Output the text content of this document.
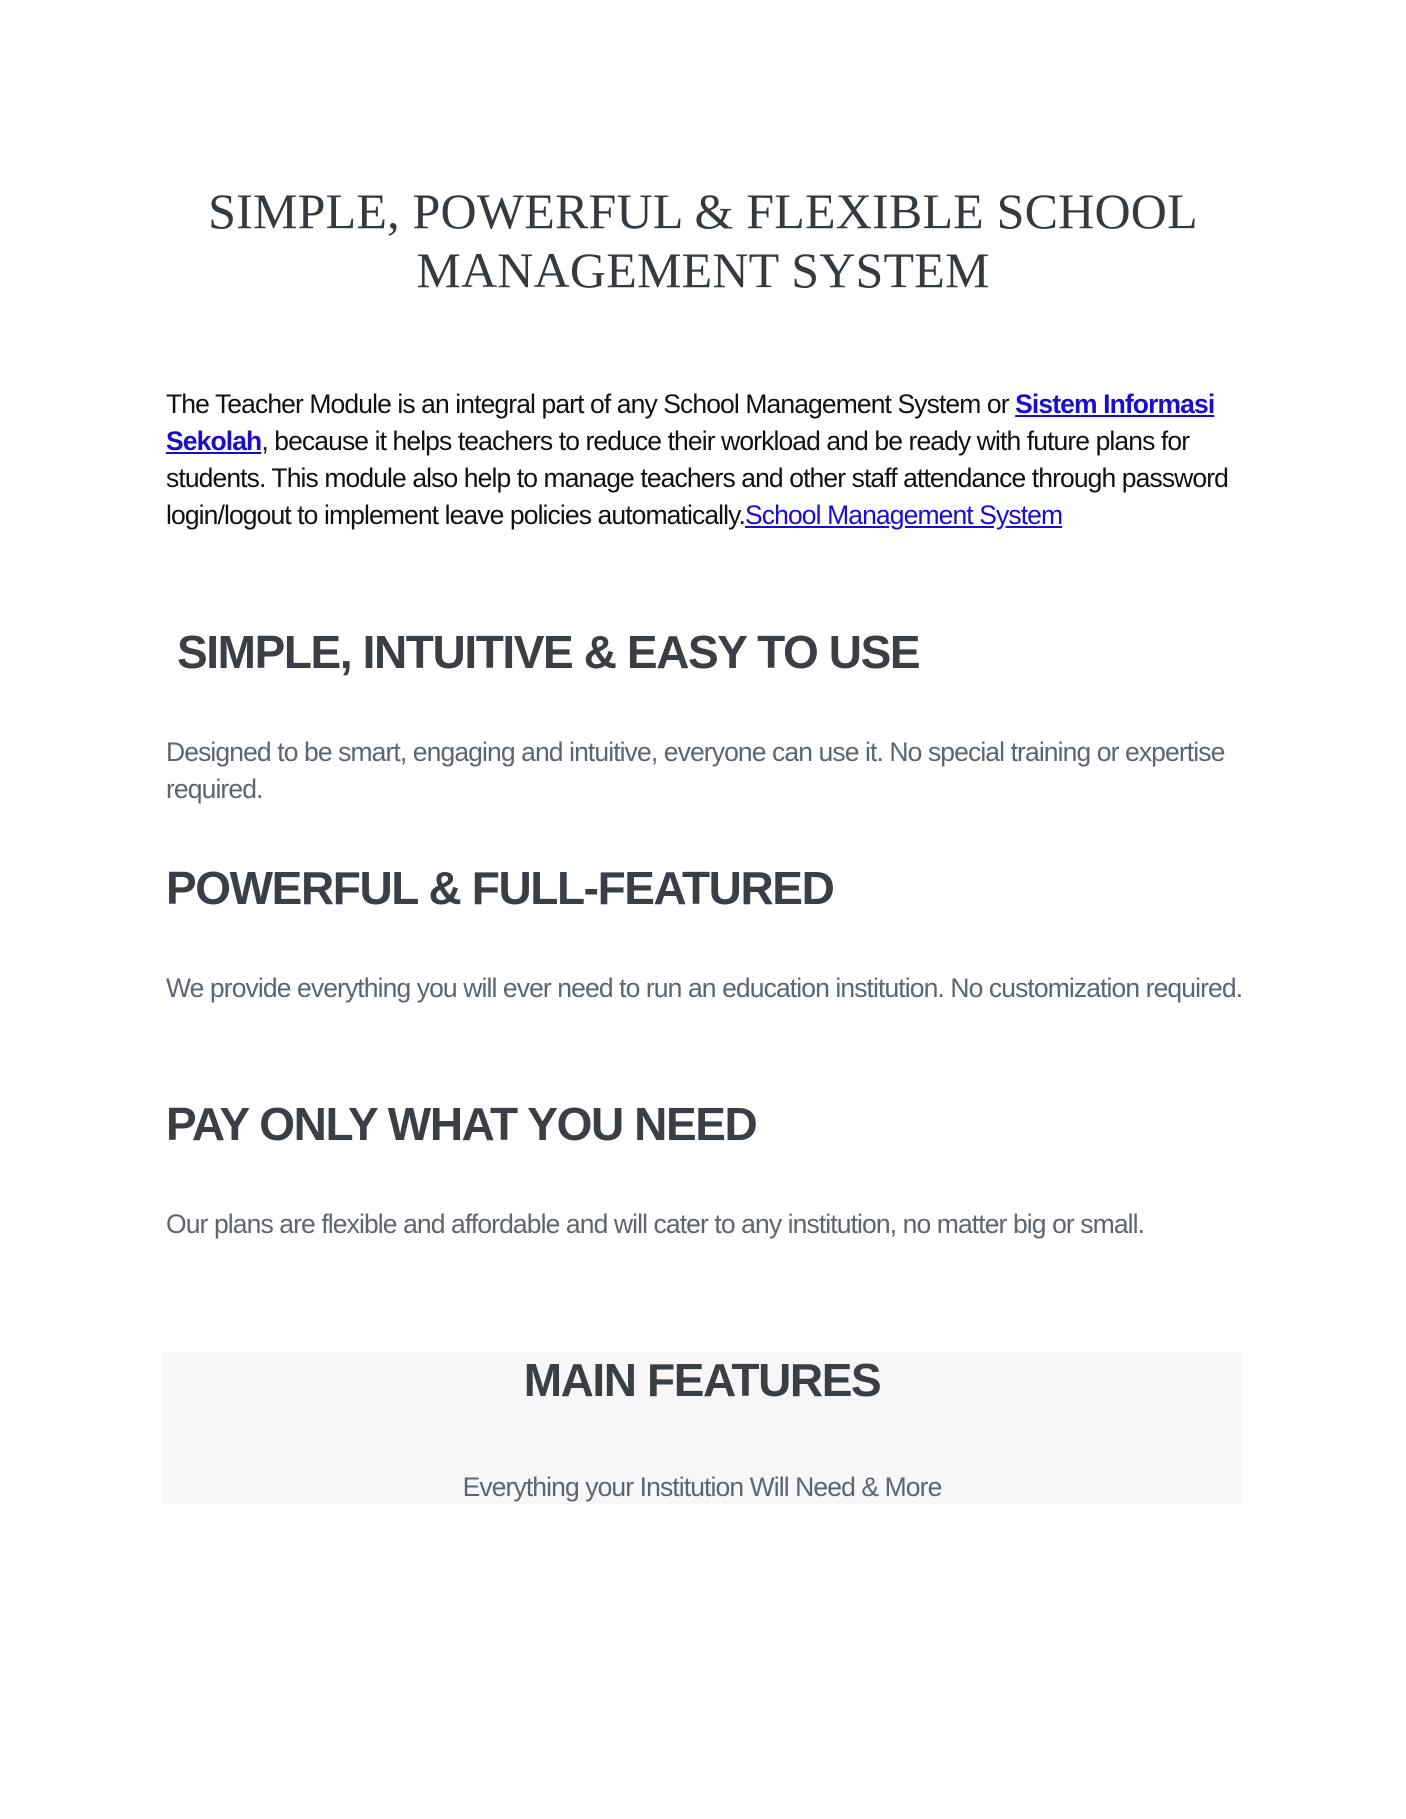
SIMPLE, POWERFUL & FLEXIBLE SCHOOL
MANAGEMENT SYSTEM

The Teacher Module is an integral part of any School Management System or Sistem Informasi Sekolah, because it helps teachers to reduce their workload and be ready with future plans for students. This module also help to manage teachers and other staff attendance through password login/logout to implement leave policies automatically.School Management System

SIMPLE, INTUITIVE & EASY TO USE

Designed to be smart, engaging and intuitive, everyone can use it. No special training or expertise required.

POWERFUL & FULL-FEATURED

We provide everything you will ever need to run an education institution. No customization required.

PAY ONLY WHAT YOU NEED

Our plans are flexible and affordable and will cater to any institution, no matter big or small.

MAIN FEATURES

Everything your Institution Will Need & More
